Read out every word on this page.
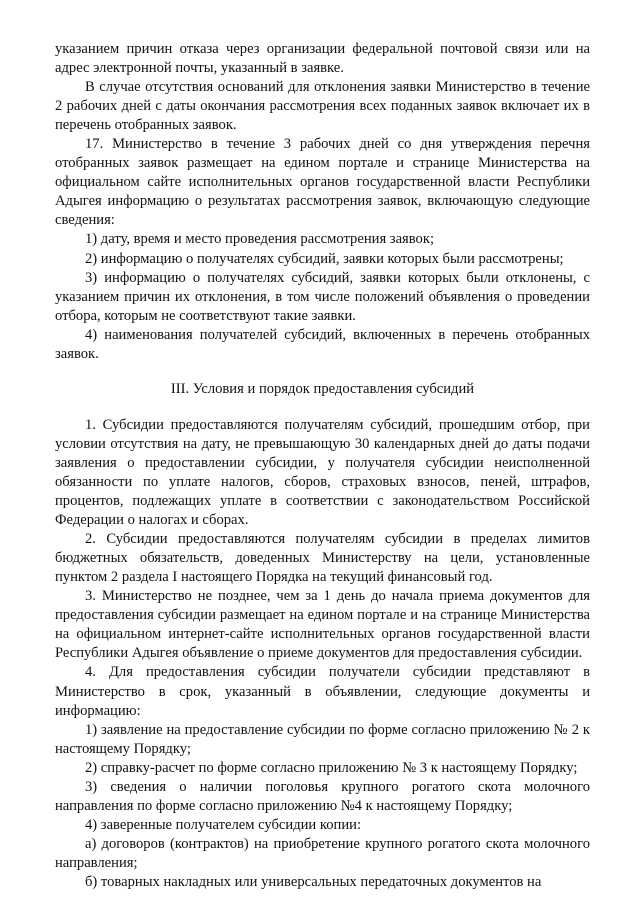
указанием причин отказа через организации федеральной почтовой связи или на адрес электронной почты, указанный в заявке.

В случае отсутствия оснований для отклонения заявки Министерство в течение 2 рабочих дней с даты окончания рассмотрения всех поданных заявок включает их в перечень отобранных заявок.

17. Министерство в течение 3 рабочих дней со дня утверждения перечня отобранных заявок размещает на едином портале и странице Министерства на официальном сайте исполнительных органов государственной власти Республики Адыгея информацию о результатах рассмотрения заявок, включающую следующие сведения:

1) дату, время и место проведения рассмотрения заявок;

2) информацию о получателях субсидий, заявки которых были рассмотрены;

3) информацию о получателях субсидий, заявки которых были отклонены, с указанием причин их отклонения, в том числе положений объявления о проведении отбора, которым не соответствуют такие заявки.

4) наименования получателей субсидий, включенных в перечень отобранных заявок.

III. Условия и порядок предоставления субсидий

1. Субсидии предоставляются получателям субсидий, прошедшим отбор, при условии отсутствия на дату, не превышающую 30 календарных дней до даты подачи заявления о предоставлении субсидии, у получателя субсидии неисполненной обязанности по уплате налогов, сборов, страховых взносов, пеней, штрафов, процентов, подлежащих уплате в соответствии с законодательством Российской Федерации о налогах и сборах.

2. Субсидии предоставляются получателям субсидии в пределах лимитов бюджетных обязательств, доведенных Министерству на цели, установленные пунктом 2 раздела I настоящего Порядка на текущий финансовый год.

3. Министерство не позднее, чем за 1 день до начала приема документов для предоставления субсидии размещает на едином портале и на странице Министерства на официальном интернет-сайте исполнительных органов государственной власти Республики Адыгея объявление о приеме документов для предоставления субсидии.

4. Для предоставления субсидии получатели субсидии представляют в Министерство в срок, указанный в объявлении, следующие документы и информацию:

1) заявление на предоставление субсидии по форме согласно приложению № 2 к настоящему Порядку;

2) справку-расчет по форме согласно приложению № 3 к настоящему Порядку;

3) сведения о наличии поголовья крупного рогатого скота молочного направления по форме согласно приложению №4 к настоящему Порядку;

4) заверенные получателем субсидии копии:

а) договоров (контрактов) на приобретение крупного рогатого скота молочного направления;

б) товарных накладных или универсальных передаточных документов на
